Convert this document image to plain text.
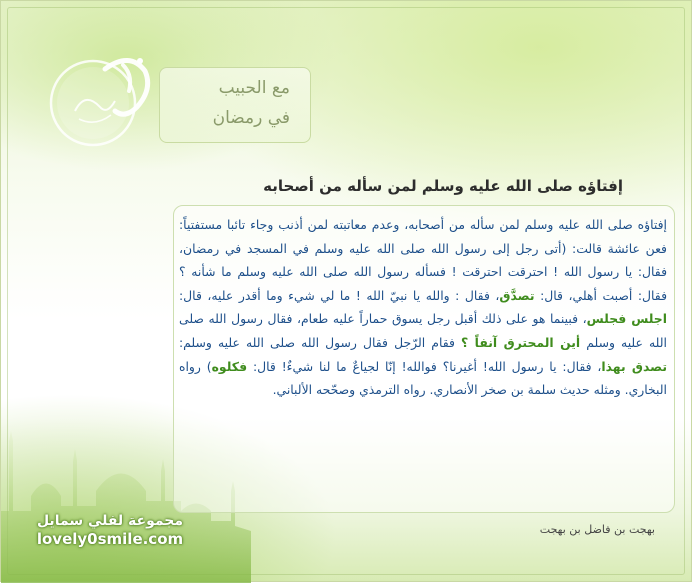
مع الحبيب
في رمضان
إفتاؤه صلى الله عليه وسلم لمن سأله من أصحابه
إفتاؤه صلى الله عليه وسلم لمن سأله من أصحابه، وعدم معاتبته لمن أذنب وجاء تائبا مستفتياً: فعن عائشة قالت: (أتى رجل إلى رسول الله صلى الله عليه وسلم في المسجد في رمضان، فقال: يا رسول الله ! احترقت احترقت ! فسأله رسول الله صلى الله عليه وسلم ما شأنه ؟ فقال: أصبت أهلي، قال: تصدَّق، فقال : والله يا نبيّ الله ! ما لي شيء وما أقدر عليه، قال: اجلس فجلس، فبينما هو على ذلك أقبل رجل يسوق حماراً عليه طعام، فقال رسول الله صلى الله عليه وسلم أين المحترق آنفاً ؟ فقام الرّجل فقال رسول الله صلى الله عليه وسلم: تصدق بهذا، فقال: يا رسول الله! أغيرنا؟ فوالله! إنّا لجياعٌ ما لنا شيءٌ! قال: فكلوه) رواه البخاري. ومثله حديث سلمة بن صخر الأنصاري. رواه الترمذي وصحّحه الألباني.
بهجت بن فاضل بن بهجت
مجموعة لفلي سمايل
lovely0smile.com
